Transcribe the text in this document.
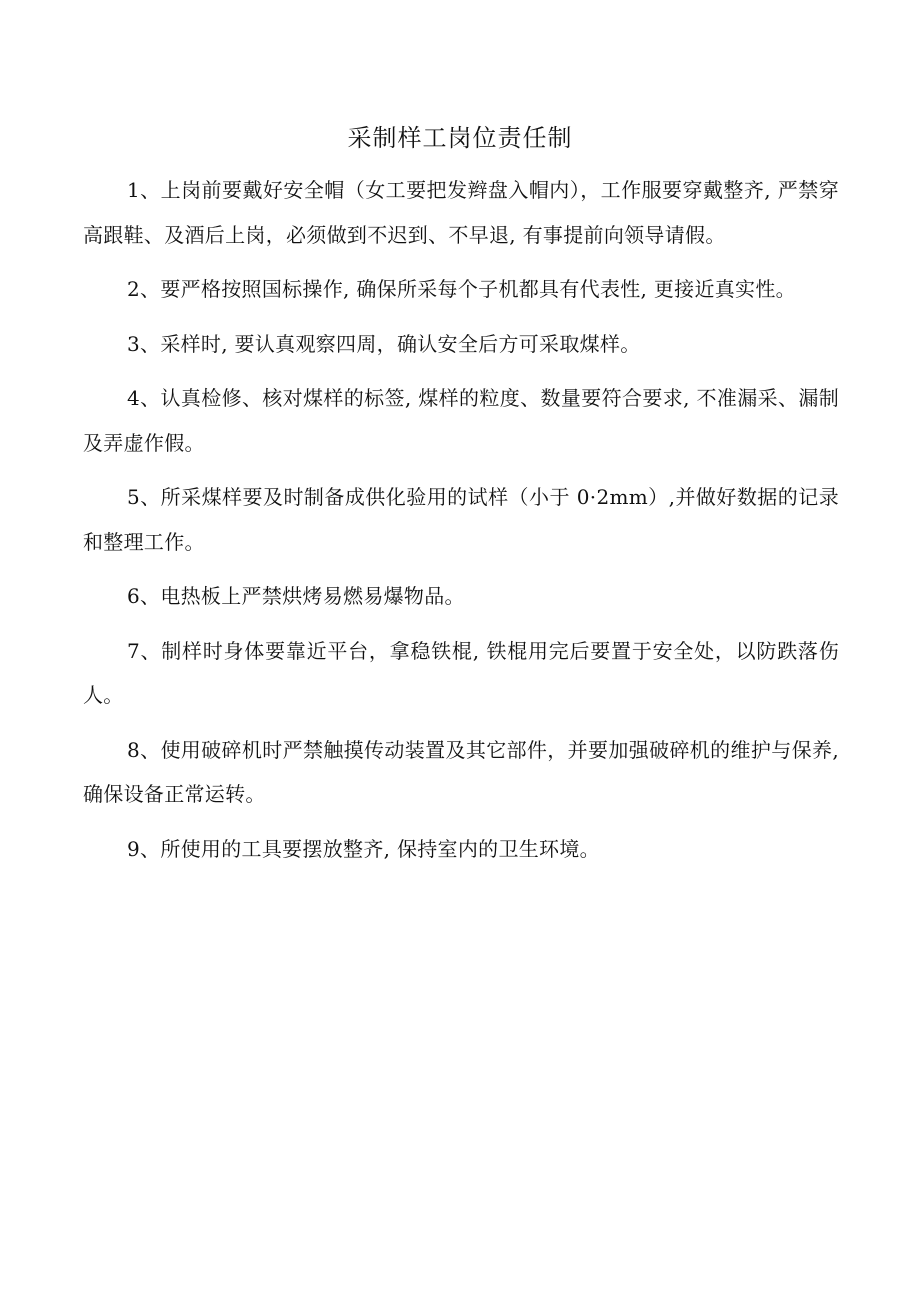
采制样工岗位责任制

1、上岗前要戴好安全帽（女工要把发辫盘入帽内），工作服要穿戴整齐, 严禁穿高跟鞋、及酒后上岗，必须做到不迟到、不早退, 有事提前向领导请假。

2、要严格按照国标操作, 确保所采每个子机都具有代表性, 更接近真实性。

3、采样时, 要认真观察四周，确认安全后方可采取煤样。

4、认真检修、核对煤样的标签, 煤样的粒度、数量要符合要求, 不准漏采、漏制及弄虚作假。

5、所采煤样要及时制备成供化验用的试样（小于 0·2mm）,并做好数据的记录和整理工作。

6、电热板上严禁烘烤易燃易爆物品。

7、制样时身体要靠近平台，拿稳铁棍, 铁棍用完后要置于安全处，以防跌落伤人。

8、使用破碎机时严禁触摸传动装置及其它部件，并要加强破碎机的维护与保养, 确保设备正常运转。

9、所使用的工具要摆放整齐, 保持室内的卫生环境。
